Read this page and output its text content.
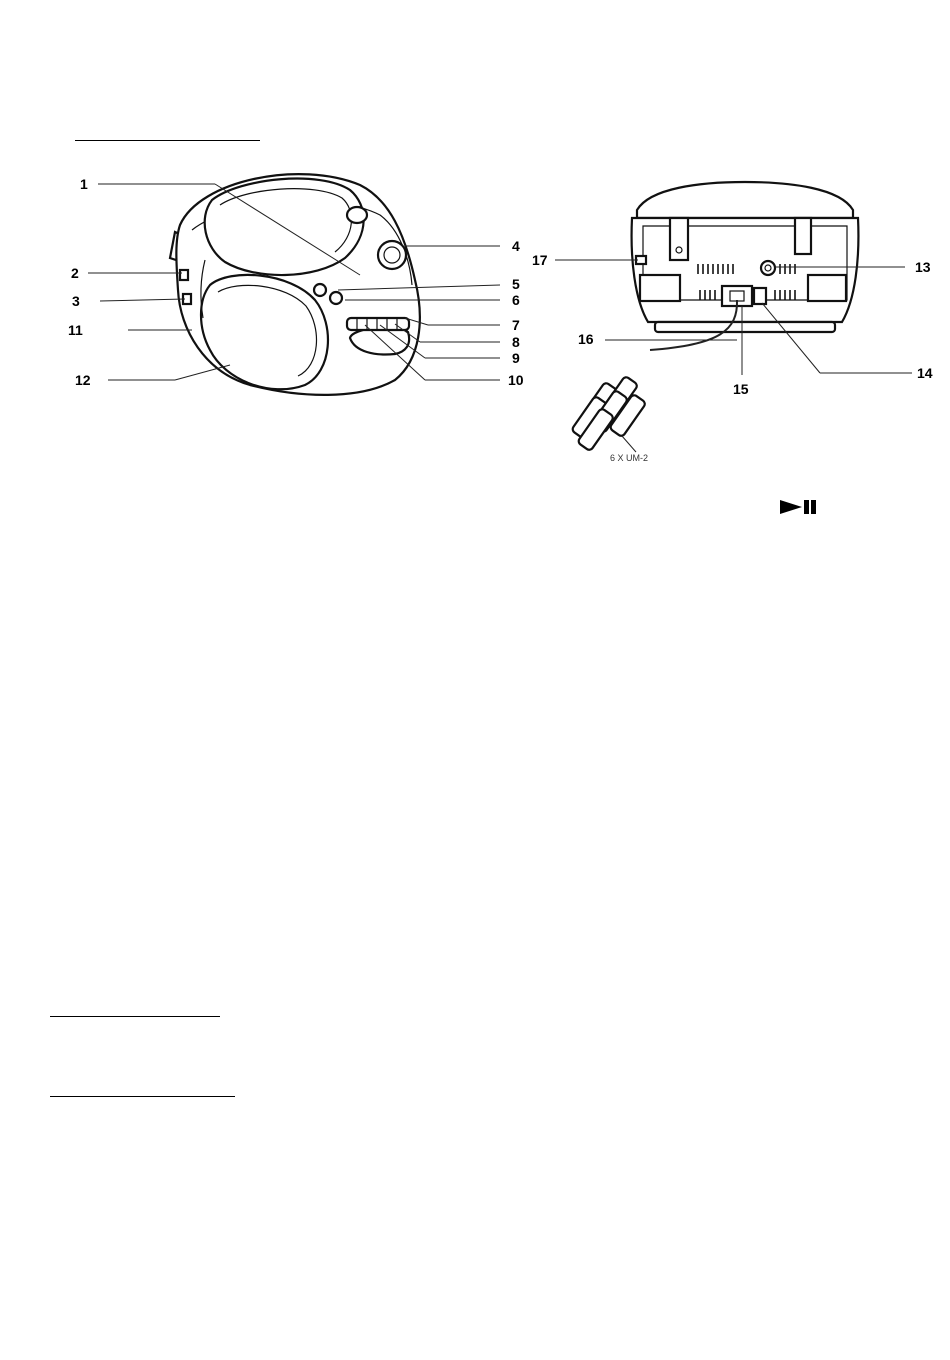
1
2
3
11
12
4
5
6
7
8
9
10
17	13
16
15
14
6 X UM-2
